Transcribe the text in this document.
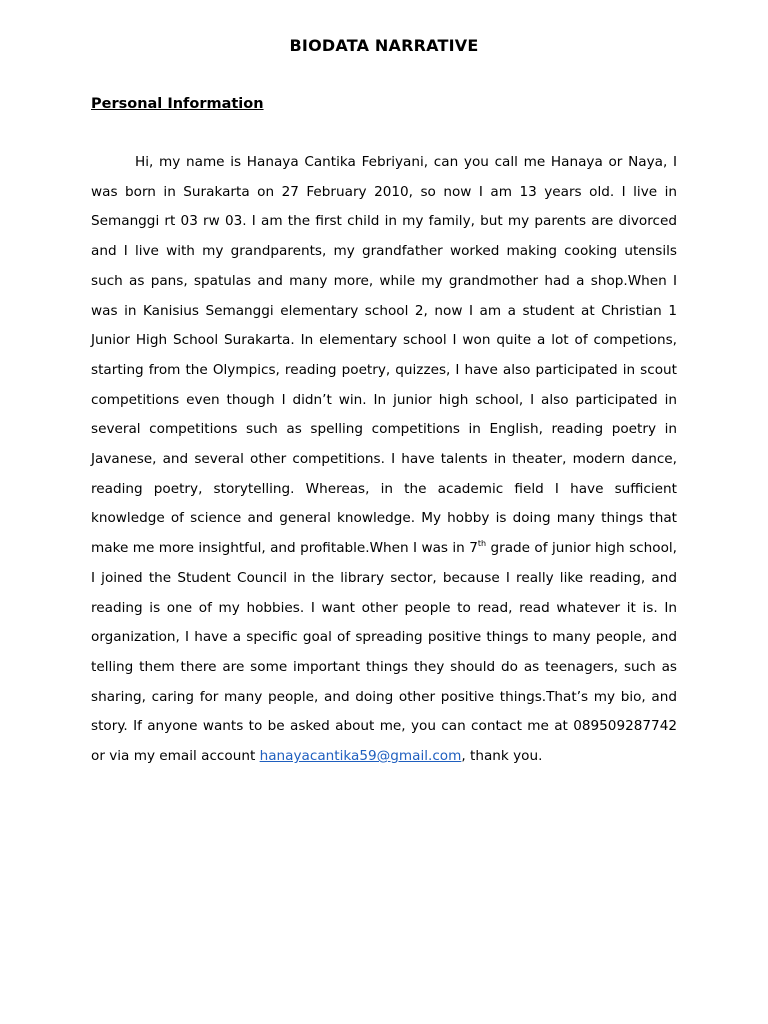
BIODATA NARRATIVE
Personal Information

Hi, my name is Hanaya Cantika Febriyani, can you call me Hanaya or Naya, I was born in Surakarta on 27 February 2010, so now I am 13 years old. I live in Semanggi rt 03 rw 03. I am the first child in my family, but my parents are divorced and I live with my grandparents, my grandfather worked making cooking utensils such as pans, spatulas and many more, while my grandmother had a shop.When I was in Kanisius Semanggi elementary school 2, now I am a student at Christian 1 Junior High School Surakarta. In elementary school I won quite a lot of competions, starting from the Olympics, reading poetry, quizzes, I have also participated in scout competitions even though I didn’t win. In junior high school, I also participated in several competitions such as spelling competitions in English, reading poetry in Javanese, and several other competitions. I have talents in theater, modern dance, reading poetry, storytelling. Whereas, in the academic field I have sufficient knowledge of science and general knowledge. My hobby is doing many things that make me more insightful, and profitable.When I was in 7th grade of junior high school, I joined the Student Council in the library sector, because I really like reading, and reading is one of my hobbies. I want other people to read, read whatever it is. In organization, I have a specific goal of spreading positive things to many people, and telling them there are some important things they should do as teenagers, such as sharing, caring for many people, and doing other positive things.That’s my bio, and story. If anyone wants to be asked about me, you can contact me at 089509287742 or via my email account hanayacantika59@gmail.com, thank you.
